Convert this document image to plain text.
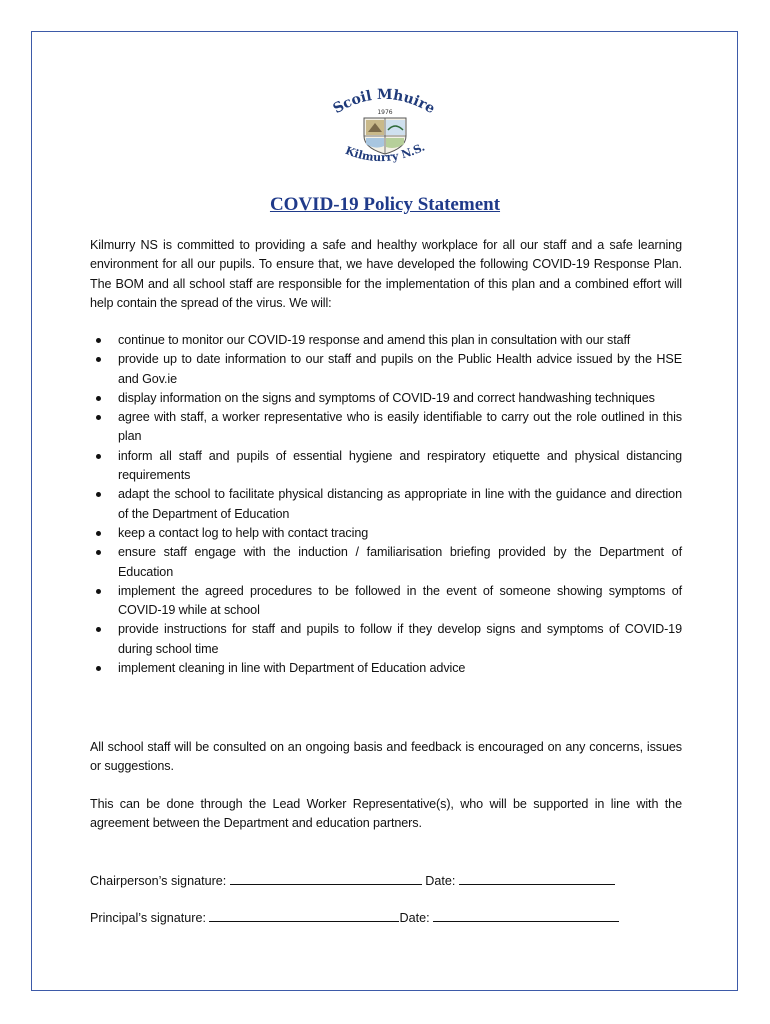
Scoil Mhuire
1976
Kilmurry N.S.
COVID-19 Policy Statement
Kilmurry NS is committed to providing a safe and healthy workplace for all our staff and a safe learning environment for all our pupils. To ensure that, we have developed the following COVID-19 Response Plan. The BOM and all school staff are responsible for the implementation of this plan and a combined effort will help contain the spread of the virus. We will:
continue to monitor our COVID-19 response and amend this plan in consultation with our staff
provide up to date information to our staff and pupils on the Public Health advice issued by the HSE and Gov.ie
display information on the signs and symptoms of COVID-19 and correct handwashing techniques
agree with staff, a worker representative who is easily identifiable to carry out the role outlined in this plan
inform all staff and pupils of essential hygiene and respiratory etiquette and physical distancing requirements
adapt the school to facilitate physical distancing as appropriate in line with the guidance and direction of the Department of Education
keep a contact log to help with contact tracing
ensure staff engage with the induction / familiarisation briefing provided by the Department of Education
implement the agreed procedures to be followed in the event of someone showing symptoms of COVID-19 while at school
provide instructions for staff and pupils to follow if they develop signs and symptoms of COVID-19 during school time
implement cleaning in line with Department of Education advice
All school staff will be consulted on an ongoing basis and feedback is encouraged on any concerns, issues or suggestions.
This can be done through the Lead Worker Representative(s), who will be supported in line with the agreement between the Department and education partners.
Chairperson’s signature:	Date:
Principal’s signature:	Date:
